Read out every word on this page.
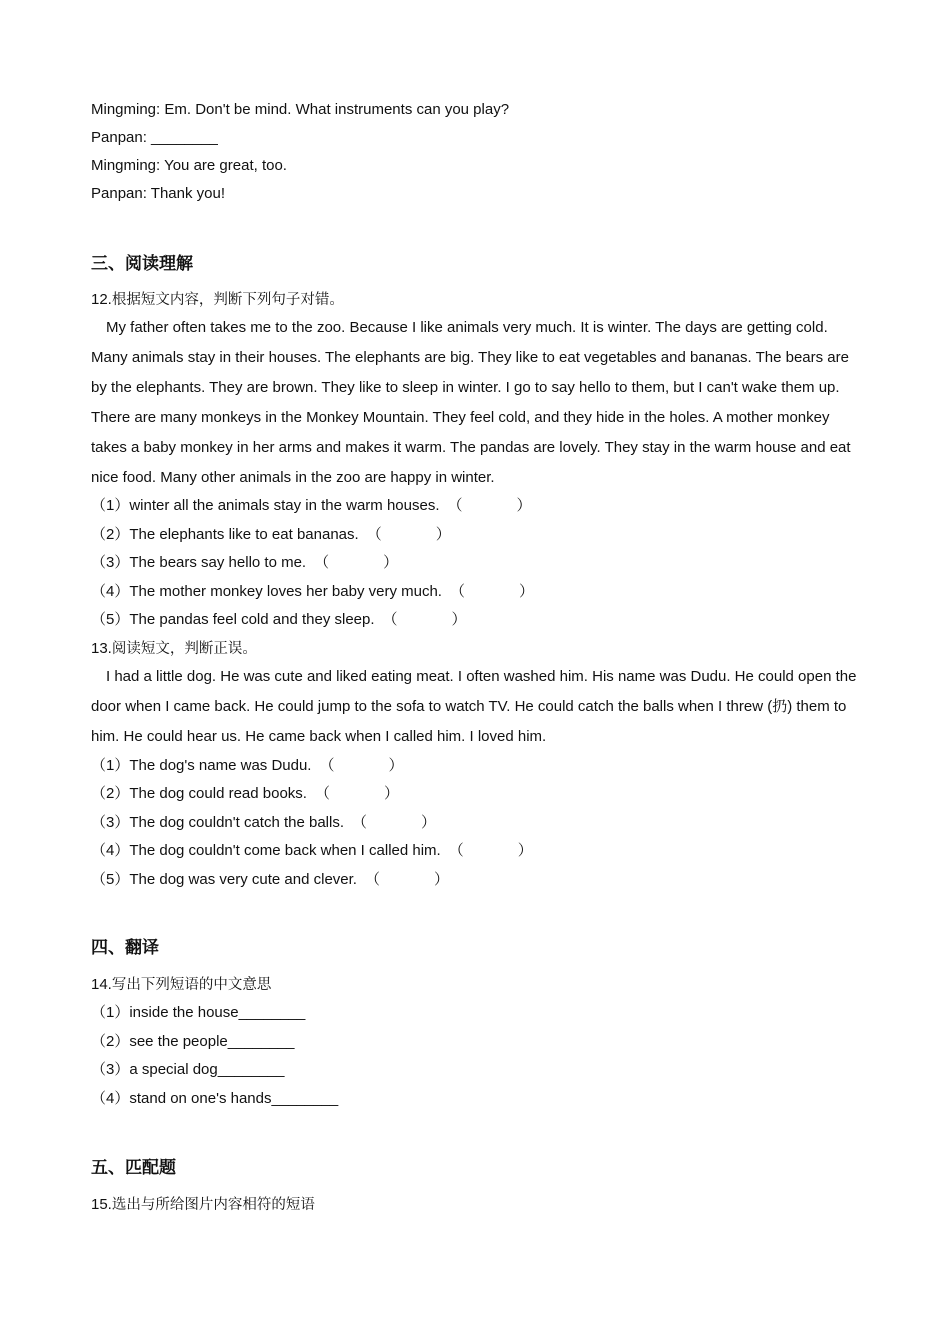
Mingming: Em. Don't be mind. What instruments can you play?
Panpan: ________
Mingming: You are great, too.
Panpan: Thank you!
三、阅读理解
12.根据短文内容，判断下列句子对错。
My father often takes me to the zoo. Because I like animals very much. It is winter. The days are getting cold. Many animals stay in their houses. The elephants are big. They like to eat vegetables and bananas. The bears are by the elephants. They are brown. They like to sleep in winter. I go to say hello to them, but I can't wake them up. There are many monkeys in the Monkey Mountain. They feel cold, and they hide in the holes. A mother monkey takes a baby monkey in her arms and makes it warm. The pandas are lovely. They stay in the warm house and eat nice food. Many other animals in the zoo are happy in winter.
（1）winter all the animals stay in the warm houses. （	）
（2）The elephants like to eat bananas. （	）
（3）The bears say hello to me. （	）
（4）The mother monkey loves her baby very much. （	）
（5）The pandas feel cold and they sleep. （	）
13.阅读短文，判断正误。
I had a little dog. He was cute and liked eating meat. I often washed him. His name was Dudu. He could open the door when I came back. He could jump to the sofa to watch TV. He could catch the balls when I threw (扔) them to him. He could hear us. He came back when I called him. I loved him.
（1）The dog's name was Dudu. （	）
（2）The dog could read books. （	）
（3）The dog couldn't catch the balls. （	）
（4）The dog couldn't come back when I called him. （	）
（5）The dog was very cute and clever. （	）
四、翻译
14.写出下列短语的中文意思
（1）inside the house________
（2）see the people________
（3）a special dog________
（4）stand on one's hands________
五、匹配题
15.选出与所给图片内容相符的短语
